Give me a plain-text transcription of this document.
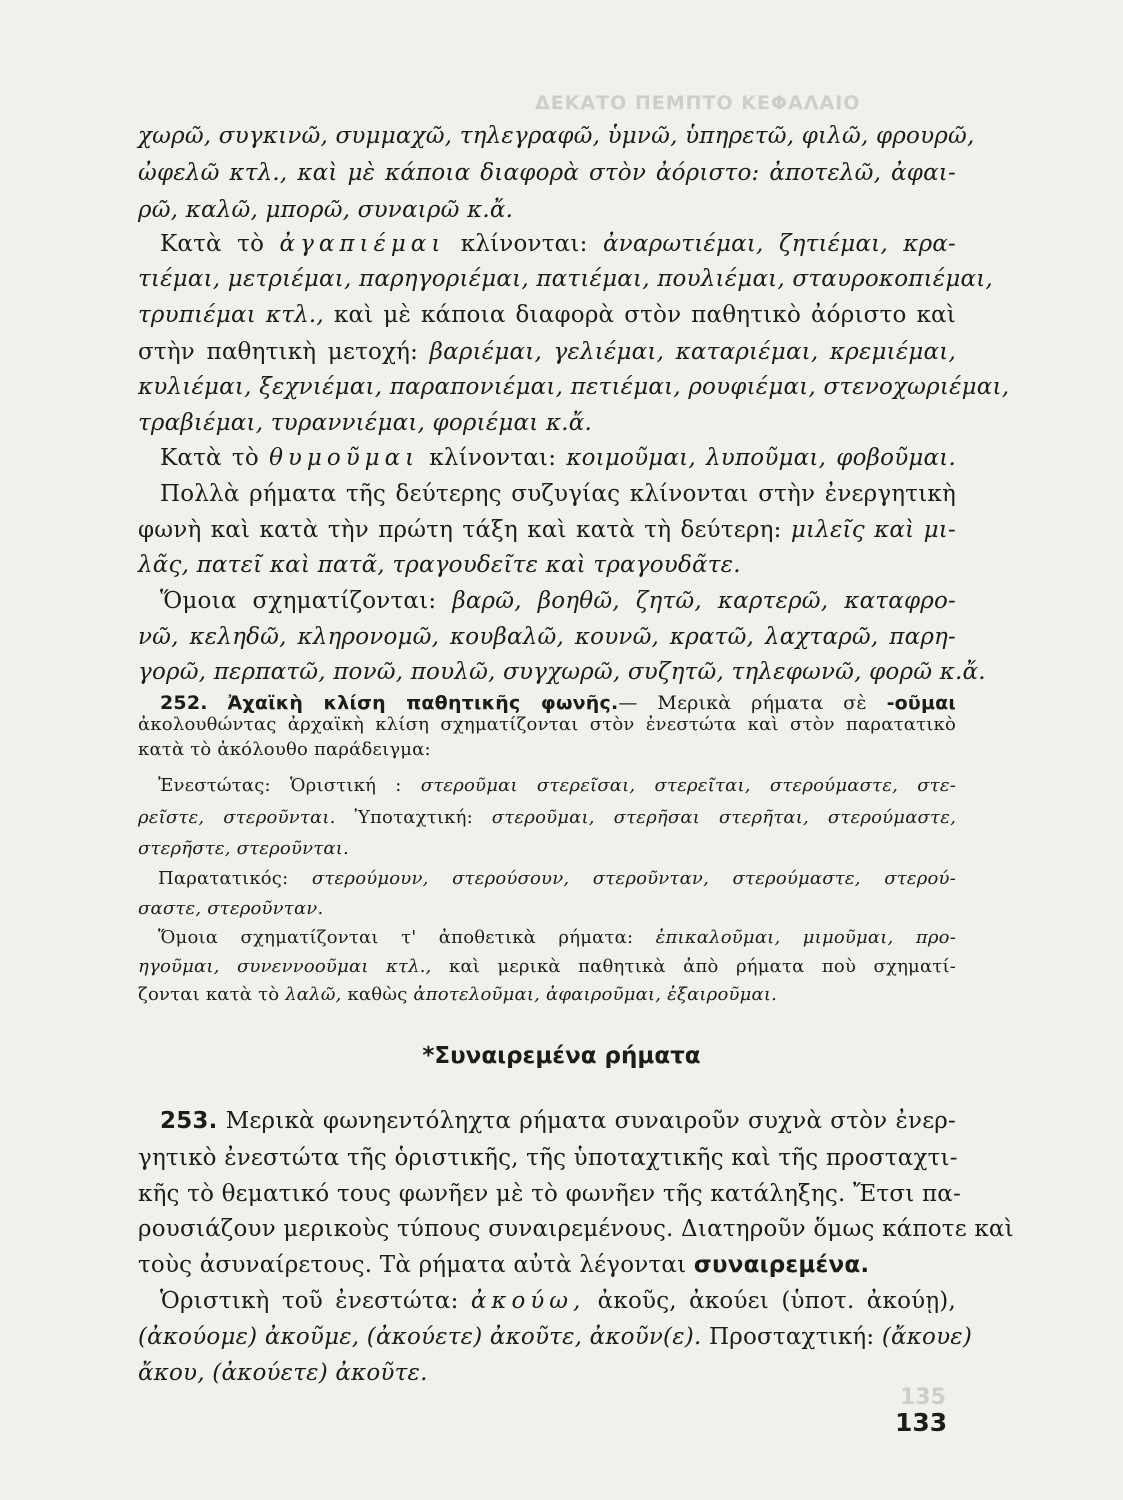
ΔΕΚΑΤΟ ΠΕΜΠΤΟ ΚΕΦΑΛΑΙΟ
135
χωρῶ, συγκινῶ, συμμαχῶ, τηλεγραφῶ, ὑμνῶ, ὑπηρετῶ, φιλῶ, φρουρῶ,
ὠφελῶ κτλ., καὶ μὲ κάποια διαφορὰ στὸν ἀόριστο: ἀποτελῶ, ἀφαι-
ρῶ, καλῶ, μπορῶ, συναιρῶ κ.ἄ.
Κατὰ τὸ ἀγαπιέμαι κλίνονται: ἀναρωτιέμαι, ζητιέμαι, κρα-
τιέμαι, μετριέμαι, παρηγοριέμαι, πατιέμαι, πουλιέμαι, σταυροκοπιέμαι,
τρυπιέμαι κτλ., καὶ μὲ κάποια διαφορὰ στὸν παθητικὸ ἀόριστο καὶ
στὴν παθητικὴ μετοχή: βαριέμαι, γελιέμαι, καταριέμαι, κρεμιέμαι,
κυλιέμαι, ξεχνιέμαι, παραπονιέμαι, πετιέμαι, ρουφιέμαι, στενοχωριέμαι,
τραβιέμαι, τυραννιέμαι, φοριέμαι κ.ἄ.
Κατὰ τὸ θυμοῦμαι κλίνονται: κοιμοῦμαι, λυποῦμαι, φοβοῦμαι.
Πολλὰ ρήματα τῆς δεύτερης συζυγίας κλίνονται στὴν ἐνεργητικὴ
φωνὴ καὶ κατὰ τὴν πρώτη τάξη καὶ κατὰ τὴ δεύτερη: μιλεῖς καὶ μι-
λᾶς, πατεῖ καὶ πατᾶ, τραγουδεῖτε καὶ τραγουδᾶτε.
Ὅμοια σχηματίζονται: βαρῶ, βοηθῶ, ζητῶ, καρτερῶ, καταφρο-
νῶ, κεληδῶ, κληρονομῶ, κουβαλῶ, κουνῶ, κρατῶ, λαχταρῶ, παρη-
γορῶ, περπατῶ, πονῶ, πουλῶ, συγχωρῶ, συζητῶ, τηλεφωνῶ, φορῶ κ.ἄ.
252. Ἀχαϊκὴ κλίση παθητικῆς φωνῆς.— Μερικὰ ρήματα σὲ -οῦμαι
ἀκολουθώντας ἀρχαϊκὴ κλίση σχηματίζονται στὸν ἐνεστώτα καὶ στὸν παρατατικὸ
κατὰ τὸ ἀκόλουθο παράδειγμα:
Ἐνεστώτας: Ὁριστική : στεροῦμαι στερεῖσαι, στερεῖται, στερούμαστε, στε-
ρεῖστε, στεροῦνται. Ὑποταχτική: στεροῦμαι, στερῆσαι στερῆται, στερούμαστε,
στερῆστε, στεροῦνται.
Παρατατικός: στερούμουν, στερούσουν, στεροῦνταν, στερούμαστε, στερού-
σαστε, στεροῦνταν.
Ὅμοια σχηματίζονται τ' ἀποθετικὰ ρήματα: ἐπικαλοῦμαι, μιμοῦμαι, προ-
ηγοῦμαι, συνεννοοῦμαι κτλ., καὶ μερικὰ παθητικὰ ἀπὸ ρήματα ποὺ σχηματί-
ζονται κατὰ τὸ λαλῶ, καθὼς ἀποτελοῦμαι, ἀφαιροῦμαι, ἐξαιροῦμαι.
*Συναιρεμένα ρήματα
253. Μερικὰ φωνηεντόληχτα ρήματα συναιροῦν συχνὰ στὸν ἐνερ-
γητικὸ ἐνεστώτα τῆς ὁριστικῆς, τῆς ὑποταχτικῆς καὶ τῆς προσταχτι-
κῆς τὸ θεματικό τους φωνῆεν μὲ τὸ φωνῆεν τῆς κατάληξης. Ἔτσι πα-
ρουσιάζουν μερικοὺς τύπους συναιρεμένους. Διατηροῦν ὅμως κάποτε καὶ
τοὺς ἀσυναίρετους. Τὰ ρήματα αὐτὰ λέγονται συναιρεμένα.
Ὁριστικὴ τοῦ ἐνεστώτα: ἀκούω, ἀκοῦς, ἀκούει (ὑποτ. ἀκούῃ),
(ἀκούομε) ἀκοῦμε, (ἀκούετε) ἀκοῦτε, ἀκοῦν(ε). Προσταχτική: (ἄκουε)
ἄκου, (ἀκούετε) ἀκοῦτε.
133
